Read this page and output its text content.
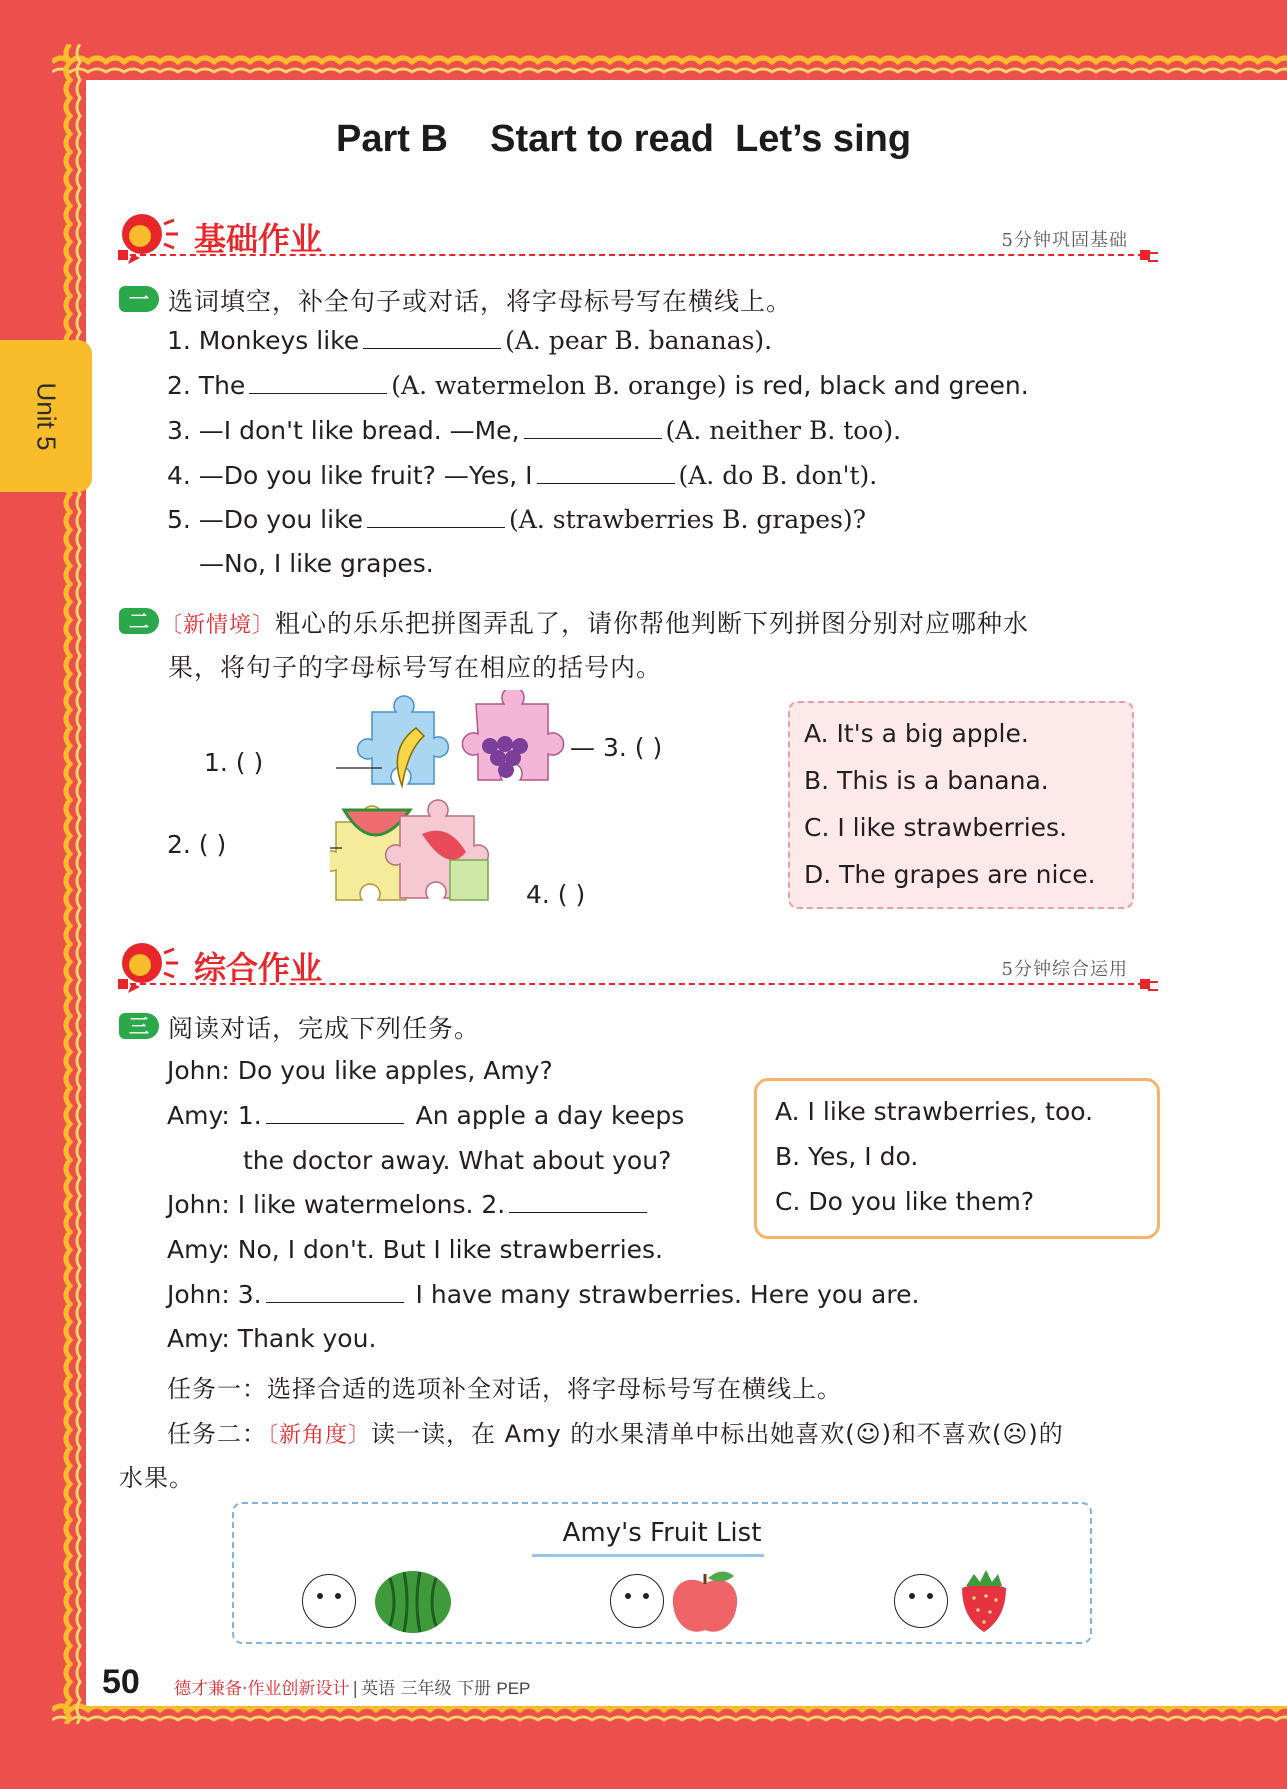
Unit 5
Part B    Start to read  Let’s sing
基础作业	5分钟巩固基础
一 选词填空，补全句子或对话，将字母标号写在横线上。
1. Monkeys like	(A. pear B. bananas).
2. The	(A. watermelon B. orange) is red, black and green.
3. —I don't like bread. —Me,	(A. neither B. too).
4. —Do you like fruit? —Yes, I	(A. do B. don't).
5. —Do you like	(A. strawberries B. grapes)?
—No, I like grapes.
二 〔新情境〕粗心的乐乐把拼图弄乱了，请你帮他判断下列拼图分别对应哪种水
果，将句子的字母标号写在相应的括号内。
1. ( )
2. ( )
— 3. ( )
4. ( )
A. It's a big apple.
B. This is a banana.
C. I like strawberries.
D. The grapes are nice.
综合作业	5分钟综合运用
三 阅读对话，完成下列任务。
John: Do you like apples, Amy?
Amy: 1.	An apple a day keeps
the doctor away. What about you?
John: I like watermelons. 2.
Amy: No, I don't. But I like strawberries.
John: 3.	I have many strawberries. Here you are.
Amy: Thank you.
A. I like strawberries, too.
B. Yes, I do.
C. Do you like them?
任务一：选择合适的选项补全对话，将字母标号写在横线上。
任务二：〔新角度〕读一读，在 Amy 的水果清单中标出她喜欢(☺)和不喜欢(☹)的
水果。
Amy's Fruit List
50 德才兼备·作业创新设计 | 英语 三年级 下册 PEP
